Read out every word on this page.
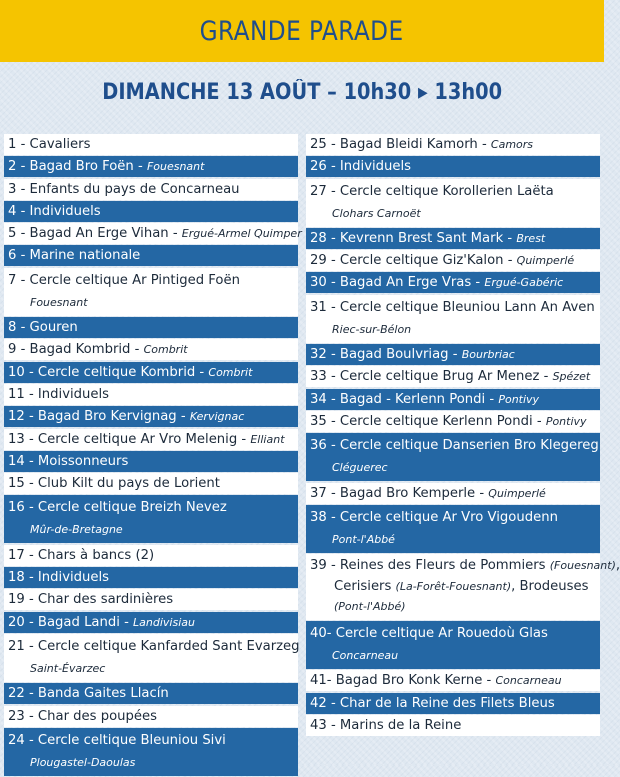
GRANDE PARADE
DIMANCHE 13 AOÛT – 10h30 ▸ 13h00
1 - Cavaliers
2 - Bagad Bro Foën - Fouesnant
3 - Enfants du pays de Concarneau
4 - Individuels
5 - Bagad An Erge Vihan - Ergué-Armel Quimper
6 - Marine nationale
7 - Cercle celtique Ar Pintiged Foën
Fouesnant
8 - Gouren
9 - Bagad Kombrid - Combrit
10 - Cercle celtique Kombrid - Combrit
11 - Individuels
12 - Bagad Bro Kervignag - Kervignac
13 - Cercle celtique Ar Vro Melenig - Elliant
14 - Moissonneurs
15 - Club Kilt du pays de Lorient
16 - Cercle celtique Breizh Nevez
Mûr-de-Bretagne
17 - Chars à bancs (2)
18 - Individuels
19 - Char des sardinières
20 - Bagad Landi - Landivisiau
21 - Cercle celtique Kanfarded Sant Evarzeg
Saint-Évarzec
22 - Banda Gaites Llacín
23 - Char des poupées
24 - Cercle celtique Bleuniou Sivi
Plougastel-Daoulas
25 - Bagad Bleidi Kamorh - Camors
26 - Individuels
27 - Cercle celtique Korollerien Laëta
Clohars Carnoët
28 - Kevrenn Brest Sant Mark - Brest
29 - Cercle celtique Giz'Kalon - Quimperlé
30 - Bagad An Erge Vras - Ergué-Gabéric
31 - Cercle celtique Bleuniou Lann An Aven
Riec-sur-Bélon
32 - Bagad Boulvriag - Bourbriac
33 - Cercle celtique Brug Ar Menez - Spézet
34 - Bagad - Kerlenn Pondi - Pontivy
35 - Cercle celtique Kerlenn Pondi - Pontivy
36 - Cercle celtique Danserien Bro Klegereg
Cléguerec
37 - Bagad Bro Kemperle - Quimperlé
38 - Cercle celtique Ar Vro Vigoudenn
Pont-l'Abbé
39 - Reines des Fleurs de Pommiers (Fouesnant),
Cerisiers (La-Forêt-Fouesnant), Brodeuses
(Pont-l'Abbé)
40- Cercle celtique Ar Rouedoù Glas
Concarneau
41- Bagad Bro Konk Kerne - Concarneau
42 - Char de la Reine des Filets Bleus
43 - Marins de la Reine
